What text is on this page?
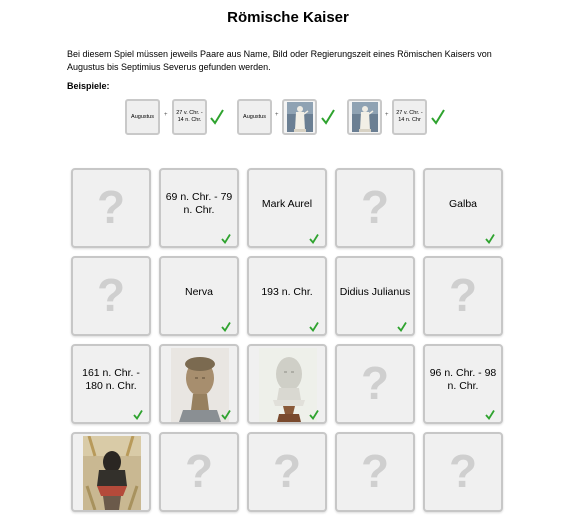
Römische Kaiser
Bei diesem Spiel müssen jeweils Paare aus Name, Bild oder Regierungszeit eines Römischen Kaisers von Augustus bis Septimius Severus gefunden werden.
Beispiele:
Augustus +	27 v. Chr. - 14 n. Chr.
Augustus +	+	27 v. Chr. - 14 n. Chr
?	69 n. Chr. - 79 n. Chr.
Mark Aurel	?	Galba
?	Nerva	193 n. Chr.	Didius Julianus ?
161 n. Chr. - 180 n. Chr.	?	96 n. Chr. - 98 n. Chr.
?	?	?	?
